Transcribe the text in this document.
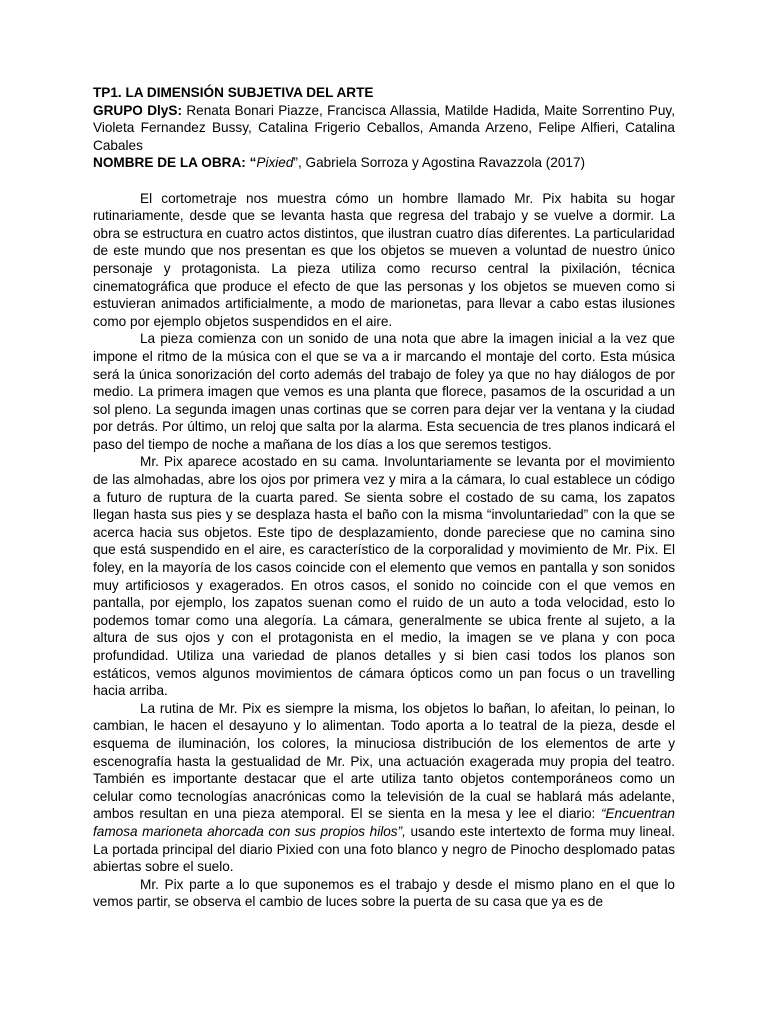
TP1. LA DIMENSIÓN SUBJETIVA DEL ARTE

GRUPO DlyS: Renata Bonari Piazze, Francisca Allassia, Matilde Hadida, Maite Sorrentino Puy, Violeta Fernandez Bussy, Catalina Frigerio Ceballos, Amanda Arzeno, Felipe Alfieri, Catalina Cabales

NOMBRE DE LA OBRA: “Pixied”, Gabriela Sorroza y Agostina Ravazzola (2017)

El cortometraje nos muestra cómo un hombre llamado Mr. Pix habita su hogar rutinariamente, desde que se levanta hasta que regresa del trabajo y se vuelve a dormir. La obra se estructura en cuatro actos distintos, que ilustran cuatro días diferentes. La particularidad de este mundo que nos presentan es que los objetos se mueven a voluntad de nuestro único personaje y protagonista. La pieza utiliza como recurso central la pixilación, técnica cinematográfica que produce el efecto de que las personas y los objetos se mueven como si estuvieran animados artificialmente, a modo de marionetas, para llevar a cabo estas ilusiones como por ejemplo objetos suspendidos en el aire.

La pieza comienza con un sonido de una nota que abre la imagen inicial a la vez que impone el ritmo de la música con el que se va a ir marcando el montaje del corto. Esta música será la única sonorización del corto además del trabajo de foley ya que no hay diálogos de por medio. La primera imagen que vemos es una planta que florece, pasamos de la oscuridad a un sol pleno. La segunda imagen unas cortinas que se corren para dejar ver la ventana y la ciudad por detrás. Por último, un reloj que salta por la alarma. Esta secuencia de tres planos indicará el paso del tiempo de noche a mañana de los días a los que seremos testigos.

Mr. Pix aparece acostado en su cama. Involuntariamente se levanta por el movimiento de las almohadas, abre los ojos por primera vez y mira a la cámara, lo cual establece un código a futuro de ruptura de la cuarta pared. Se sienta sobre el costado de su cama, los zapatos llegan hasta sus pies y se desplaza hasta el baño con la misma “involuntariedad” con la que se acerca hacia sus objetos. Este tipo de desplazamiento, donde pareciese que no camina sino que está suspendido en el aire, es característico de la corporalidad y movimiento de Mr. Pix. El foley, en la mayoría de los casos coincide con el elemento que vemos en pantalla y son sonidos muy artificiosos y exagerados. En otros casos, el sonido no coincide con el que vemos en pantalla, por ejemplo, los zapatos suenan como el ruido de un auto a toda velocidad, esto lo podemos tomar como una alegoría. La cámara, generalmente se ubica frente al sujeto, a la altura de sus ojos y con el protagonista en el medio, la imagen se ve plana y con poca profundidad. Utiliza una variedad de planos detalles y si bien casi todos los planos son estáticos, vemos algunos movimientos de cámara ópticos como un pan focus o un travelling hacia arriba.

La rutina de Mr. Pix es siempre la misma, los objetos lo bañan, lo afeitan, lo peinan, lo cambian, le hacen el desayuno y lo alimentan. Todo aporta a lo teatral de la pieza, desde el esquema de iluminación, los colores, la minuciosa distribución de los elementos de arte y escenografía hasta la gestualidad de Mr. Pix, una actuación exagerada muy propia del teatro. También es importante destacar que el arte utiliza tanto objetos contemporáneos como un celular como tecnologías anacrónicas como la televisión de la cual se hablará más adelante, ambos resultan en una pieza atemporal. El se sienta en la mesa y lee el diario: “Encuentran famosa marioneta ahorcada con sus propios hilos”, usando este intertexto de forma muy lineal. La portada principal del diario Pixied con una foto blanco y negro de Pinocho desplomado patas abiertas sobre el suelo.

Mr. Pix parte a lo que suponemos es el trabajo y desde el mismo plano en el que lo vemos partir, se observa el cambio de luces sobre la puerta de su casa que ya es de
